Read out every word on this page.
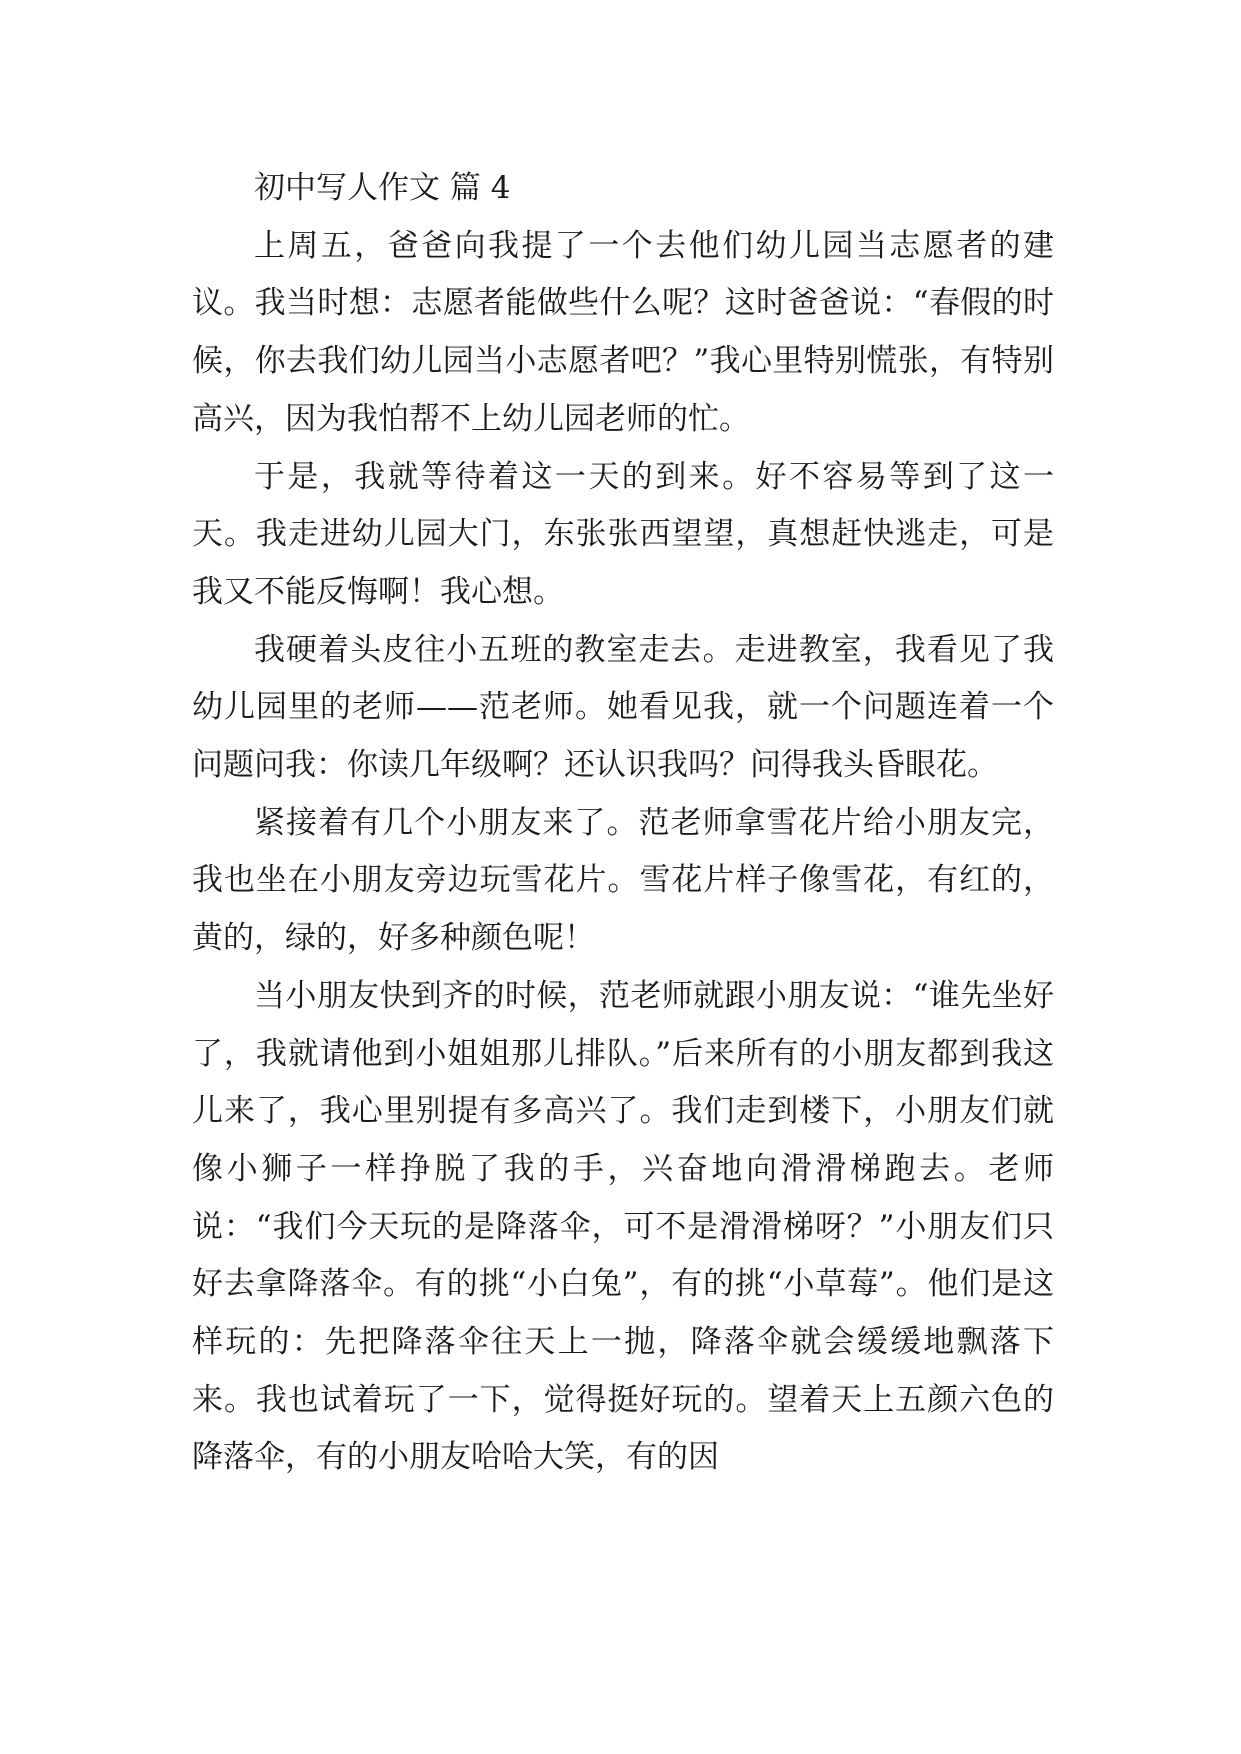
初中写人作文 篇 4

上周五，爸爸向我提了一个去他们幼儿园当志愿者的建议。我当时想：志愿者能做些什么呢？这时爸爸说：“春假的时候，你去我们幼儿园当小志愿者吧？”我心里特别慌张，有特别高兴，因为我怕帮不上幼儿园老师的忙。

于是，我就等待着这一天的到来。好不容易等到了这一天。我走进幼儿园大门，东张张西望望，真想赶快逃走，可是我又不能反悔啊！我心想。

我硬着头皮往小五班的教室走去。走进教室，我看见了我幼儿园里的老师——范老师。她看见我，就一个问题连着一个问题问我：你读几年级啊？还认识我吗？问得我头昏眼花。

紧接着有几个小朋友来了。范老师拿雪花片给小朋友完，我也坐在小朋友旁边玩雪花片。雪花片样子像雪花，有红的，黄的，绿的，好多种颜色呢！

当小朋友快到齐的时候，范老师就跟小朋友说：“谁先坐好了，我就请他到小姐姐那儿排队。”后来所有的小朋友都到我这儿来了，我心里别提有多高兴了。我们走到楼下，小朋友们就像小狮子一样挣脱了我的手，兴奋地向滑滑梯跑去。老师说：“我们今天玩的是降落伞，可不是滑滑梯呀？”小朋友们只好去拿降落伞。有的挑“小白兔”，有的挑“小草莓”。他们是这样玩的：先把降落伞往天上一抛，降落伞就会缓缓地飘落下来。我也试着玩了一下，觉得挺好玩的。望着天上五颜六色的降落伞，有的小朋友哈哈大笑，有的因
